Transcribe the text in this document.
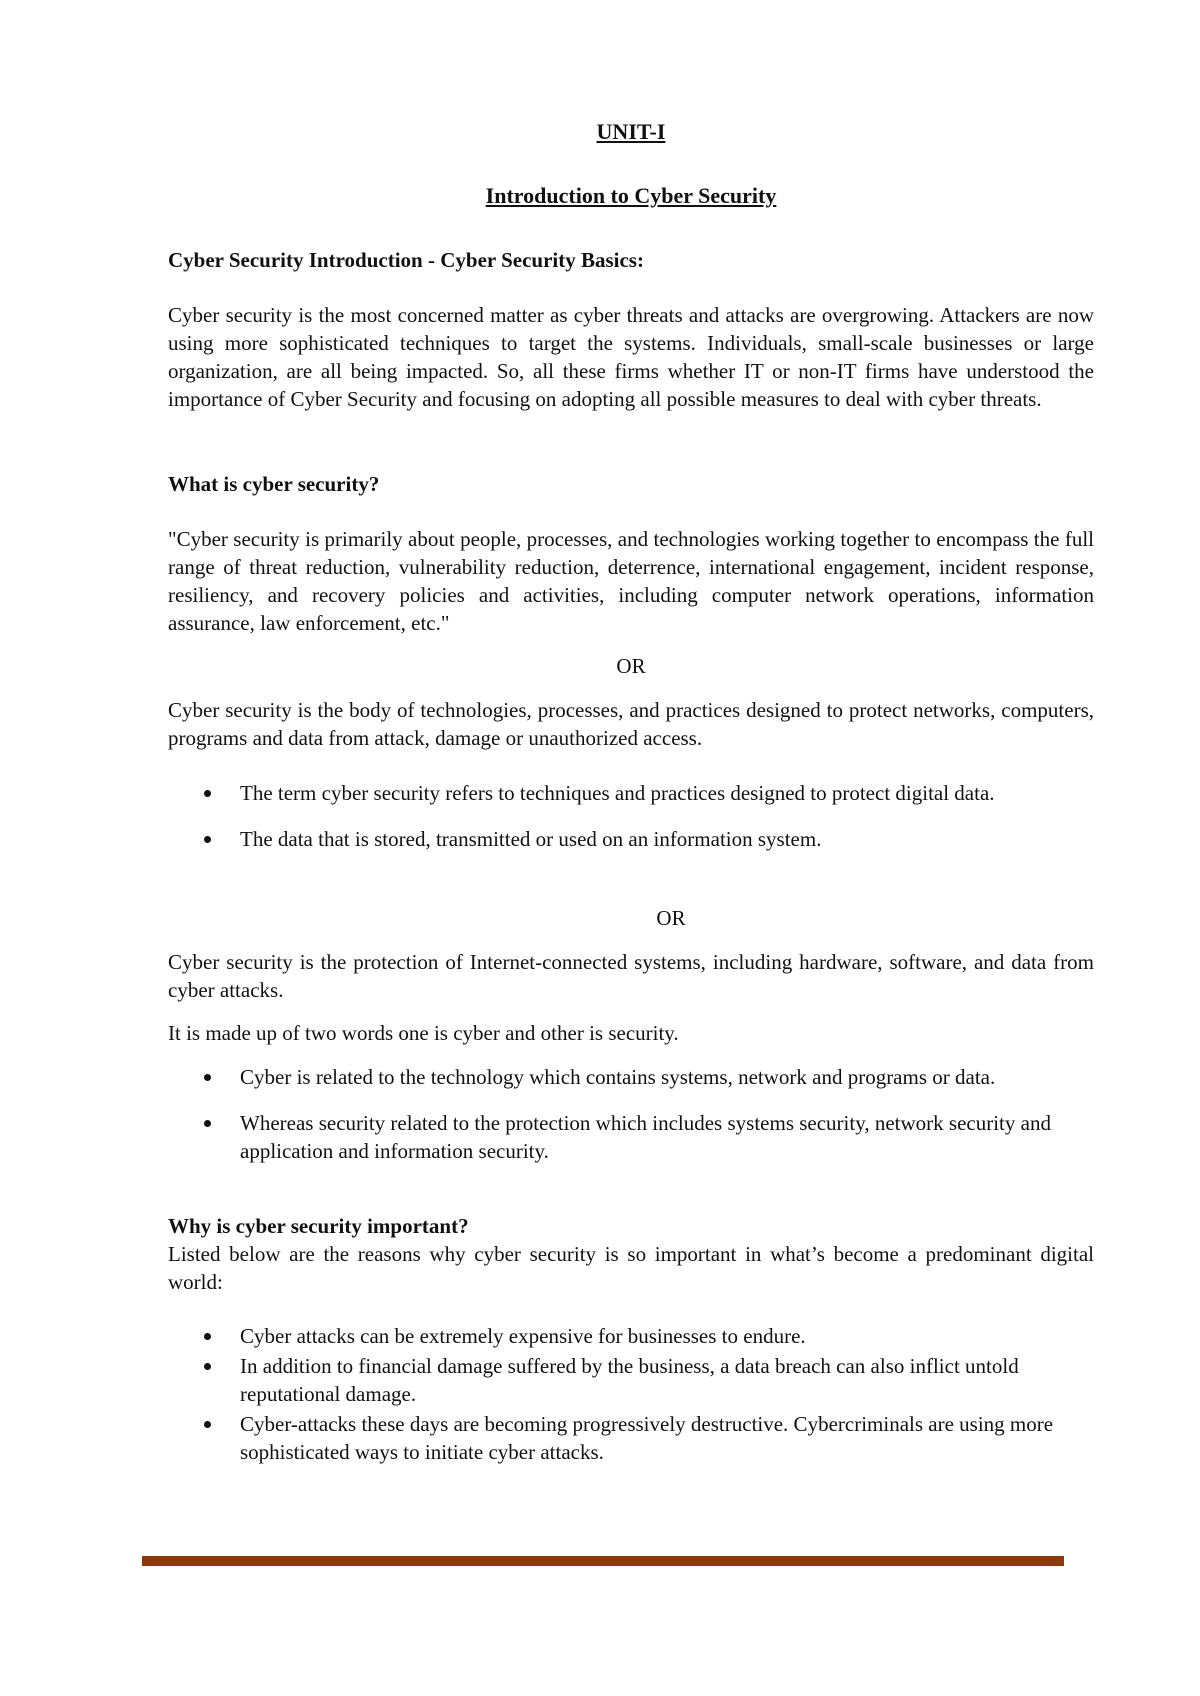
UNIT-I
Introduction to Cyber Security

Cyber Security Introduction - Cyber Security Basics:

Cyber security is the most concerned matter as cyber threats and attacks are overgrowing. Attackers are now using more sophisticated techniques to target the systems. Individuals, small-scale businesses or large organization, are all being impacted. So, all these firms whether IT or non-IT firms have understood the importance of Cyber Security and focusing on adopting all possible measures to deal with cyber threats.

What is cyber security?

"Cyber security is primarily about people, processes, and technologies working together to encompass the full range of threat reduction, vulnerability reduction, deterrence, international engagement, incident response, resiliency, and recovery policies and activities, including computer network operations, information assurance, law enforcement, etc."

OR

Cyber security is the body of technologies, processes, and practices designed to protect networks, computers, programs and data from attack, damage or unauthorized access.

The term cyber security refers to techniques and practices designed to protect digital data.
The data that is stored, transmitted or used on an information system.

OR

Cyber security is the protection of Internet-connected systems, including hardware, software, and data from cyber attacks.

It is made up of two words one is cyber and other is security.

Cyber is related to the technology which contains systems, network and programs or data.
Whereas security related to the protection which includes systems security, network security and application and information security.

Why is cyber security important?

Listed below are the reasons why cyber security is so important in what’s become a predominant digital world:

Cyber attacks can be extremely expensive for businesses to endure.
In addition to financial damage suffered by the business, a data breach can also inflict untold reputational damage.
Cyber-attacks these days are becoming progressively destructive. Cybercriminals are using more sophisticated ways to initiate cyber attacks.
